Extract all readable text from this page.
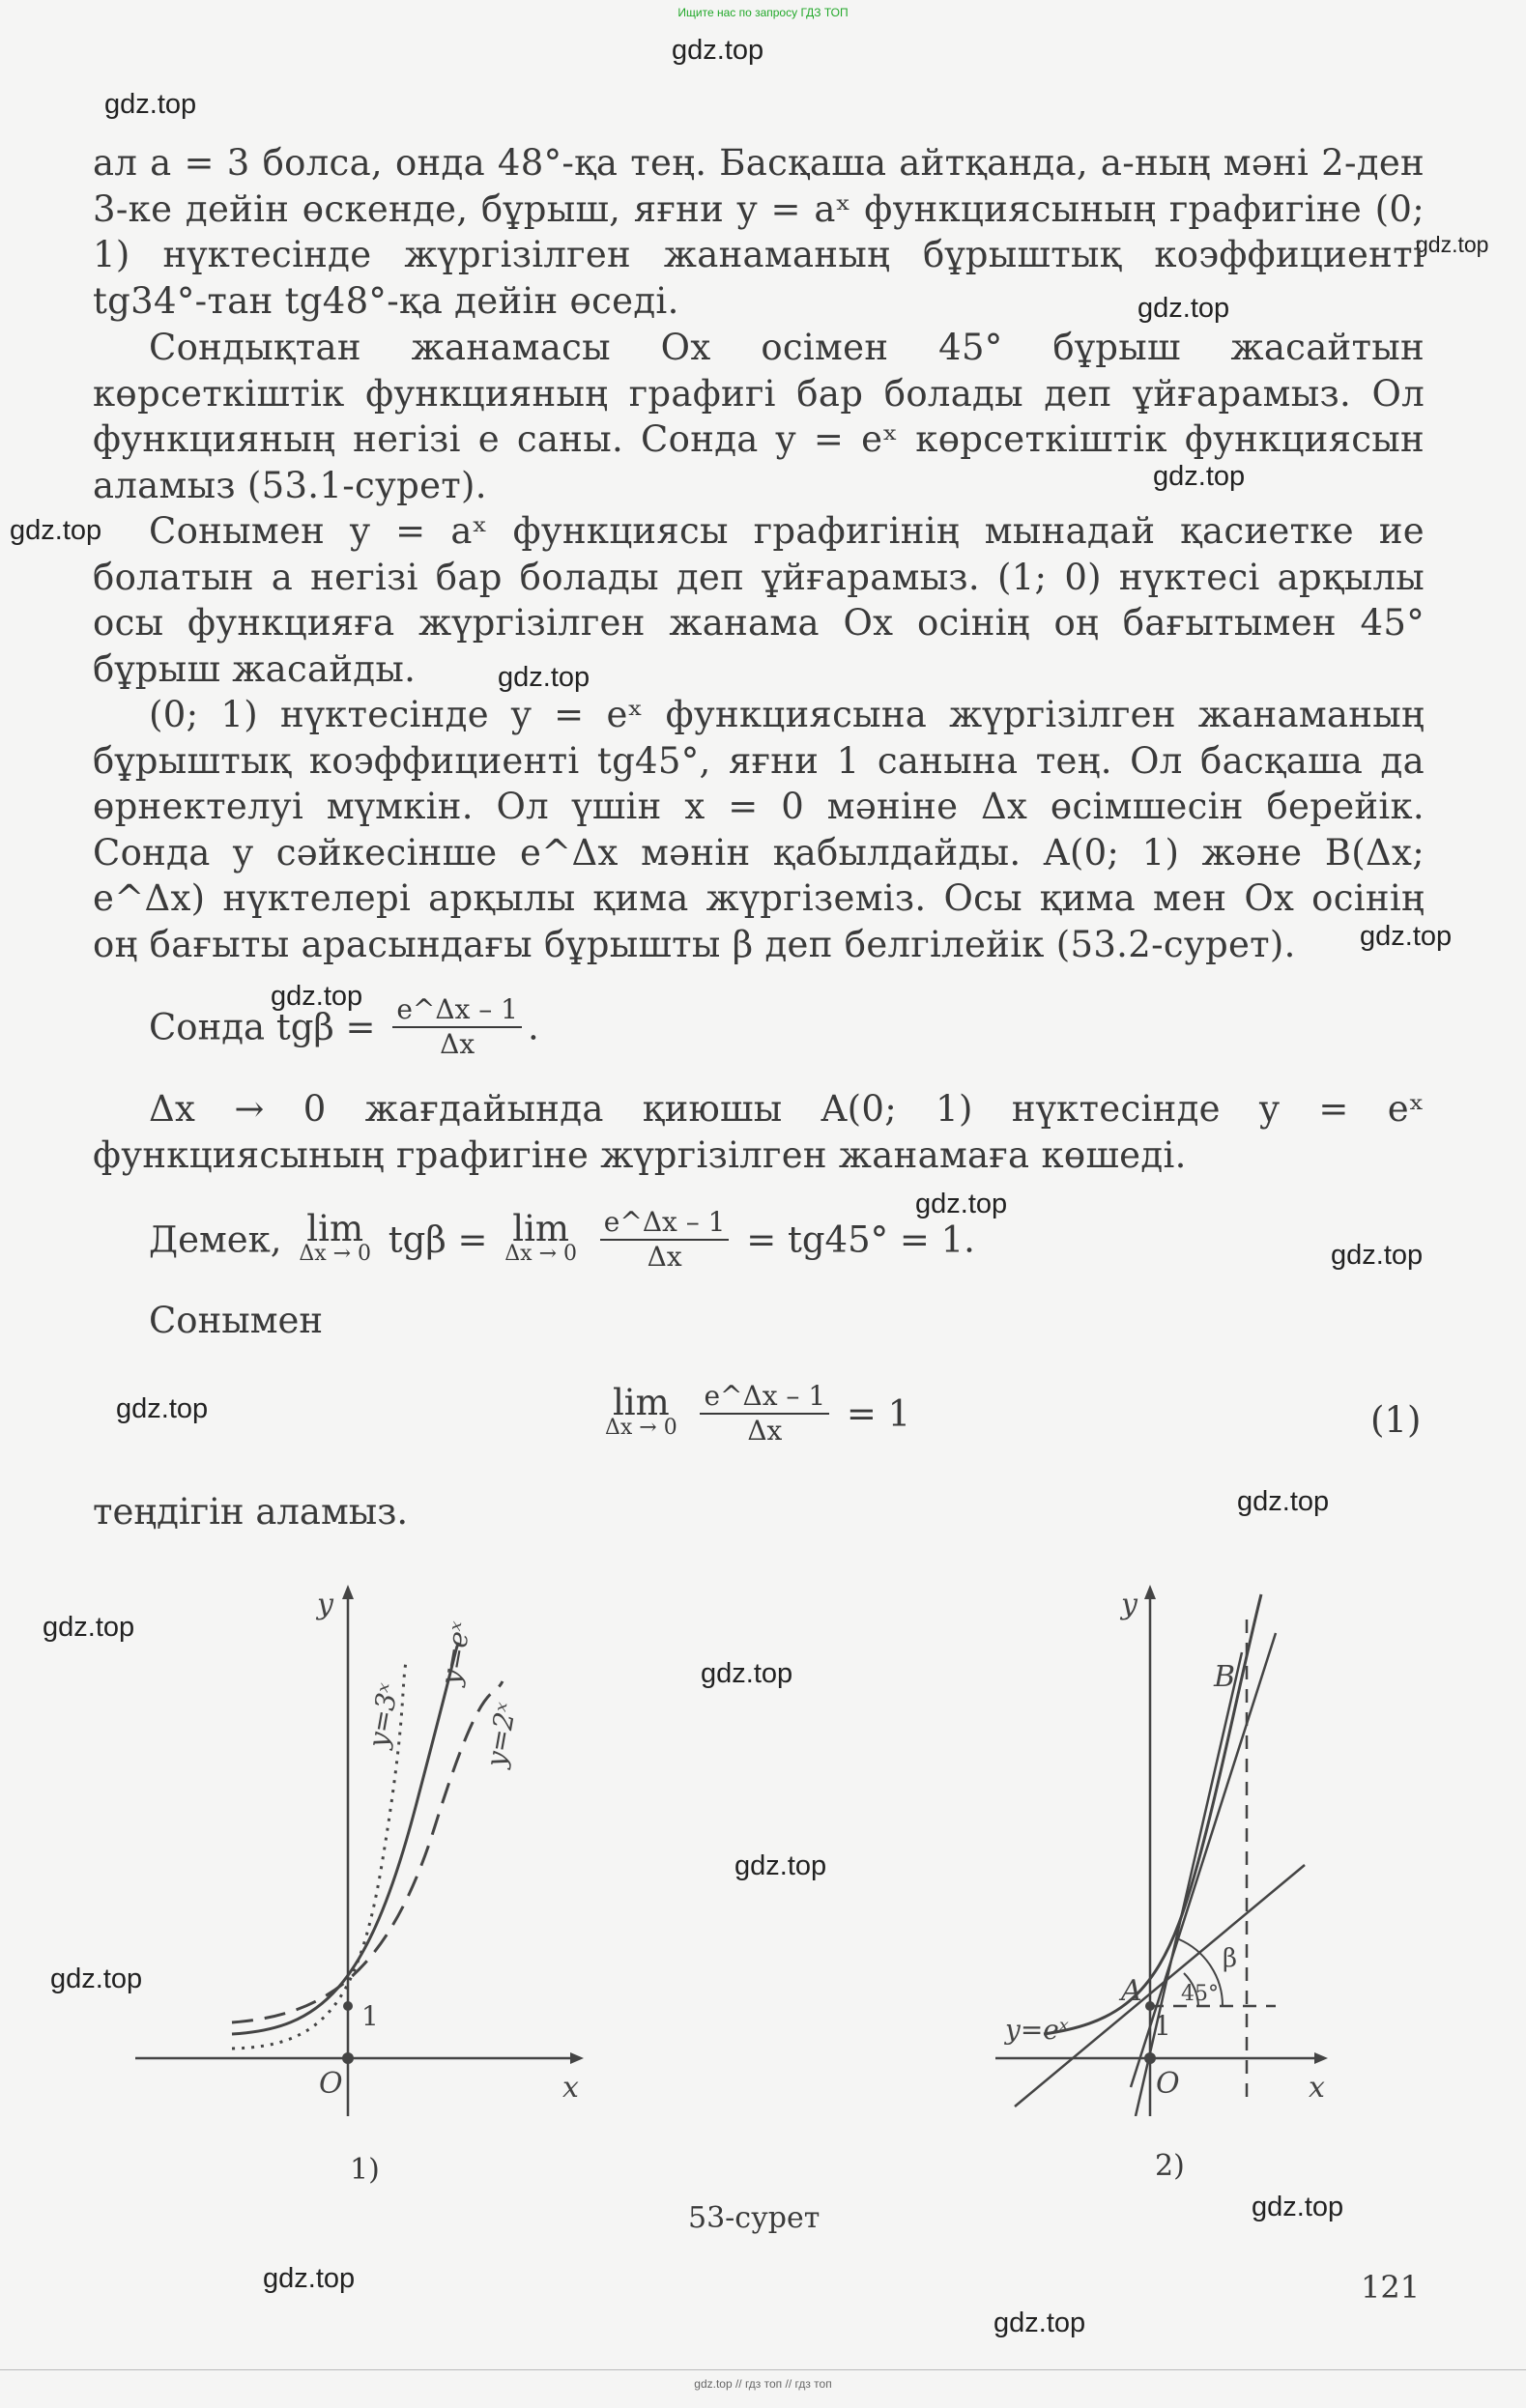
Ищите нас по запросу ГДЗ ТОП
gdz.top
gdz.top
gdz.top
gdz.top
gdz.top
gdz.top
gdz.top
gdz.top
gdz.top
gdz.top
gdz.top
gdz.top
gdz.top
gdz.top
gdz.top
gdz.top
gdz.top
gdz.top
gdz.top
gdz.top
ал a = 3 болса, онда 48°-қа тең. Басқаша айтқанда, a-ның мәні 2-ден 3-ке дейін өскенде, бұрыш, яғни y = aˣ функциясының графигіне (0; 1) нүктесінде жүргізілген жанаманың бұрыштық коэффициенті tg34°-тан tg48°-қа дейін өседі.
Сондықтан жанамасы Ox осімен 45° бұрыш жасайтын көрсеткіштік функцияның графигі бар болады деп ұйғарамыз. Ол функцияның негізі e саны. Сонда y = eˣ көрсеткіштік функциясын аламыз (53.1-сурет).
Сонымен y = aˣ функциясы графигінің мынадай қасиетке ие болатын a негізі бар болады деп ұйғарамыз. (1; 0) нүктесі арқылы осы функцияға жүргізілген жанама Ox осінің оң бағытымен 45° бұрыш жасайды.
(0; 1) нүктесінде y = eˣ функциясына жүргізілген жанаманың бұрыштық коэффициенті tg45°, яғни 1 санына тең. Ол басқаша да өрнектелуі мүмкін. Ол үшін x = 0 мәніне Δx өсімшесін берейік. Сонда y сәйкесінше e^Δx мәнін қабылдайды. A(0; 1) және B(Δx; e^Δx) нүктелері арқылы қима жүргіземіз. Осы қима мен Ox осінің оң бағыты арасындағы бұрышты β деп белгілейік (53.2-сурет).
Сонда $tg\beta = \frac{e\^{}\Delta x - 1}{\Delta x}$ .
Δx → 0 жағдайында қиюшы A(0; 1) нүктесінде y = eˣ функциясының графигіне жүргізілген жанамаға көшеді.
Демек, lim
Δx → 0 tgβ = lim
Δx → 0
$\frac{e\^{}\Delta x - 1}{\Delta x} = tg45^\circ = 1$.
Сонымен
lim
Δx → 0
$\frac{e\^{}\Delta x - 1}{\Delta x} = 1$	(1)
теңдігін аламыз.
y
x
O
1
y=3ˣ
y=eˣ
y=2ˣ
y
x
O
1
A
B
β
45°
y=eˣ
1)	2)
53-сурет
121
gdz.top // гдз топ // гдз топ
